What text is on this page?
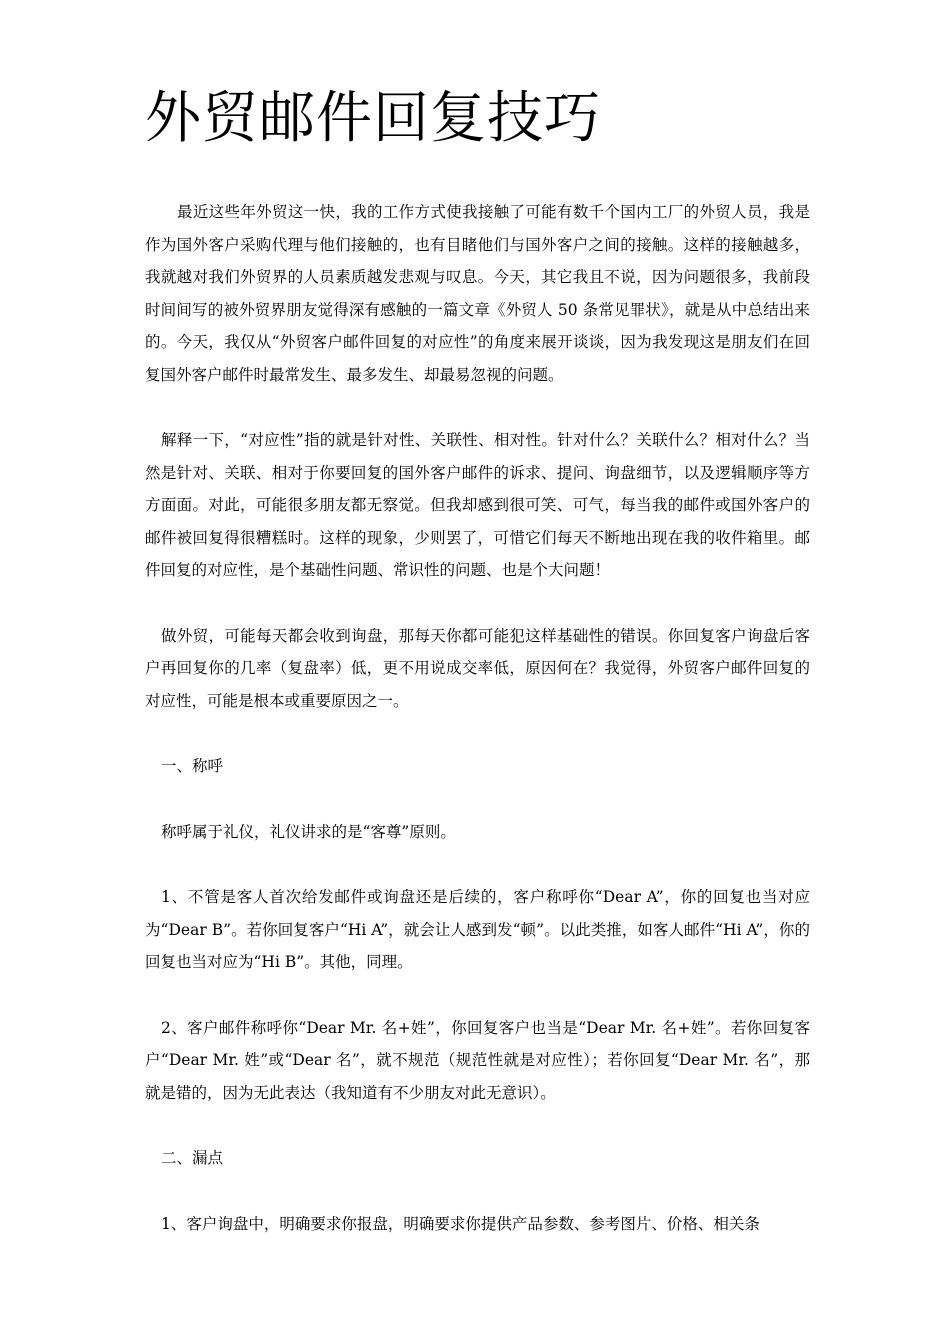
外贸邮件回复技巧

最近这些年外贸这一快，我的工作方式使我接触了可能有数千个国内工厂的外贸人员，我是作为国外客户采购代理与他们接触的，也有目睹他们与国外客户之间的接触。这样的接触越多，我就越对我们外贸界的人员素质越发悲观与叹息。今天，其它我且不说，因为问题很多，我前段时间间写的被外贸界朋友觉得深有感触的一篇文章《外贸人 50 条常见罪状》，就是从中总结出来的。今天，我仅从“外贸客户邮件回复的对应性”的角度来展开谈谈，因为我发现这是朋友们在回复国外客户邮件时最常发生、最多发生、却最易忽视的问题。

解释一下，“对应性”指的就是针对性、关联性、相对性。针对什么？关联什么？相对什么？当然是针对、关联、相对于你要回复的国外客户邮件的诉求、提问、询盘细节，以及逻辑顺序等方方面面。对此，可能很多朋友都无察觉。但我却感到很可笑、可气，每当我的邮件或国外客户的邮件被回复得很糟糕时。这样的现象，少则罢了，可惜它们每天不断地出现在我的收件箱里。邮件回复的对应性，是个基础性问题、常识性的问题、也是个大问题！

做外贸，可能每天都会收到询盘，那每天你都可能犯这样基础性的错误。你回复客户询盘后客户再回复你的几率（复盘率）低，更不用说成交率低，原因何在？我觉得，外贸客户邮件回复的对应性，可能是根本或重要原因之一。

一、称呼

称呼属于礼仪，礼仪讲求的是“客尊”原则。

1、不管是客人首次给发邮件或询盘还是后续的，客户称呼你“Dear A”，你的回复也当对应为“Dear B”。若你回复客户“Hi A”，就会让人感到发“顿”。以此类推，如客人邮件“Hi A”，你的回复也当对应为“Hi B”。其他，同理。

2、客户邮件称呼你“Dear Mr. 名+姓”，你回复客户也当是“Dear Mr. 名+姓”。若你回复客户“Dear Mr. 姓”或“Dear 名”，就不规范（规范性就是对应性）；若你回复“Dear Mr. 名”，那就是错的，因为无此表达（我知道有不少朋友对此无意识）。

二、漏点

1、客户询盘中，明确要求你报盘，明确要求你提供产品参数、参考图片、价格、相关条
